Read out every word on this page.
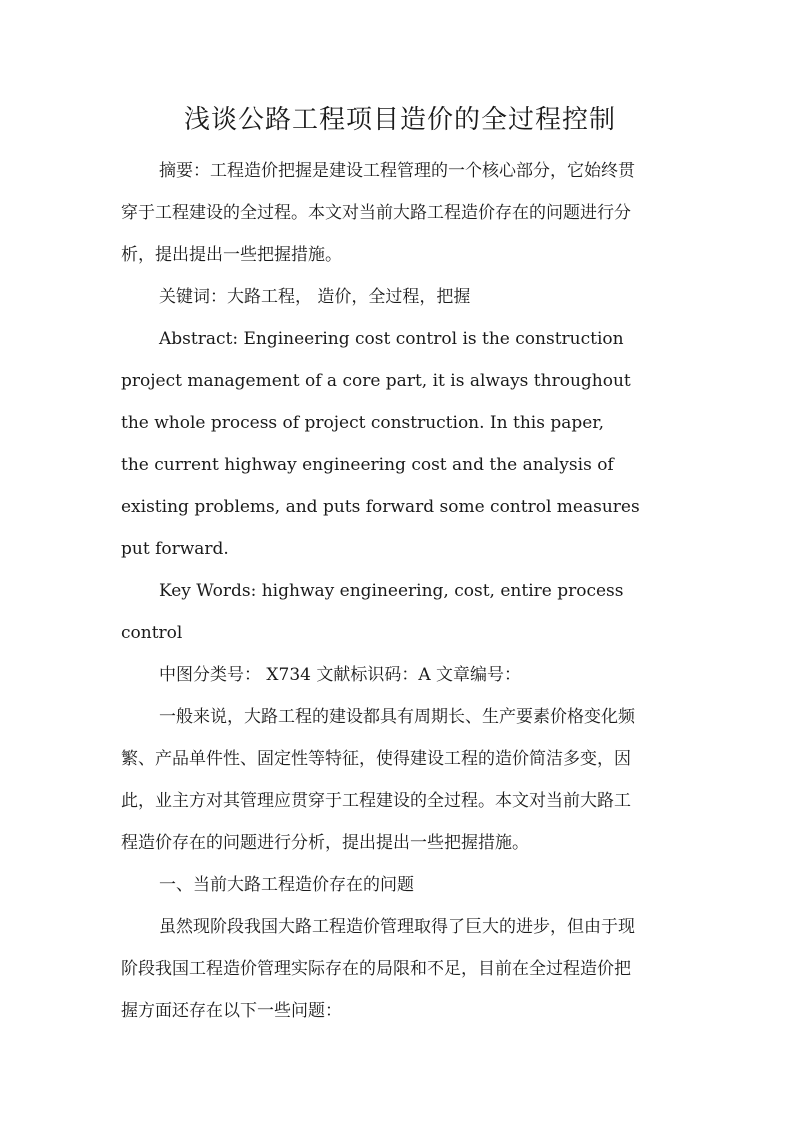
浅谈公路工程项目造价的全过程控制
摘要：工程造价把握是建设工程管理的一个核心部分，它始终贯
穿于工程建设的全过程。本文对当前大路工程造价存在的问题进行分
析，提出提出一些把握措施。
关键词：大路工程， 造价，全过程，把握
Abstract: Engineering cost control is the construction
project management of a core part, it is always throughout
the whole process of project construction. In this paper,
the current highway engineering cost and the analysis of
existing problems, and puts forward some control measures
put forward.
Key Words: highway engineering, cost, entire process
control
中图分类号： X734 文献标识码：A 文章编号：
一般来说，大路工程的建设都具有周期长、生产要素价格变化频
繁、产品单件性、固定性等特征，使得建设工程的造价简洁多变，因
此，业主方对其管理应贯穿于工程建设的全过程。本文对当前大路工
程造价存在的问题进行分析，提出提出一些把握措施。
一、当前大路工程造价存在的问题
虽然现阶段我国大路工程造价管理取得了巨大的进步，但由于现
阶段我国工程造价管理实际存在的局限和不足，目前在全过程造价把
握方面还存在以下一些问题：
